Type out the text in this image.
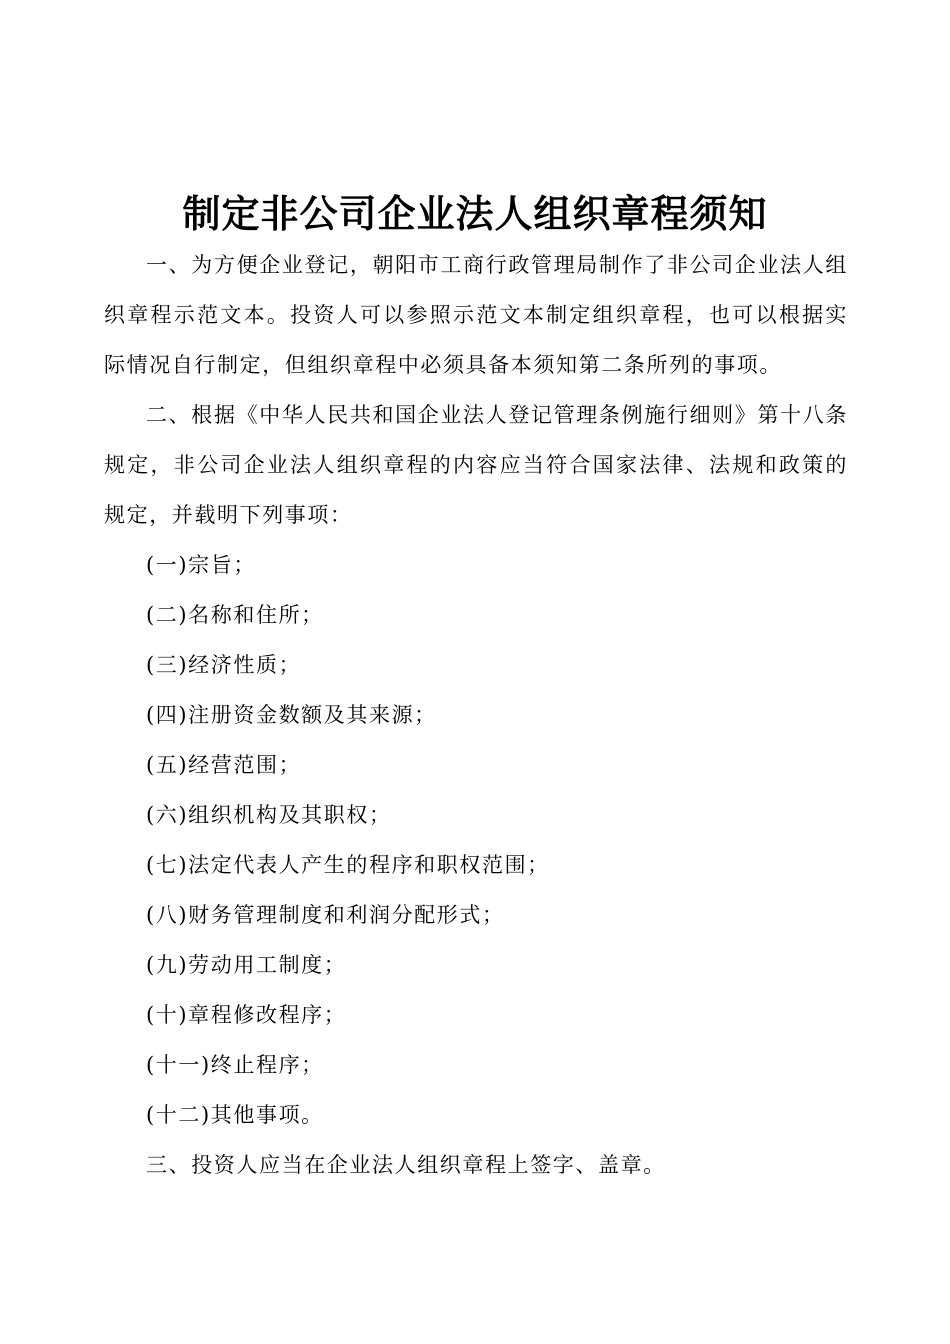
制定非公司企业法人组织章程须知

一、为方便企业登记，朝阳市工商行政管理局制作了非公司企业法人组织章程示范文本。投资人可以参照示范文本制定组织章程，也可以根据实际情况自行制定，但组织章程中必须具备本须知第二条所列的事项。

二、根据《中华人民共和国企业法人登记管理条例施行细则》第十八条规定，非公司企业法人组织章程的内容应当符合国家法律、法规和政策的规定，并载明下列事项：

(一)宗旨；

(二)名称和住所；

(三)经济性质；

(四)注册资金数额及其来源；

(五)经营范围；

(六)组织机构及其职权；

(七)法定代表人产生的程序和职权范围；

(八)财务管理制度和利润分配形式；

(九)劳动用工制度；

(十)章程修改程序；

(十一)终止程序；

(十二)其他事项。

三、投资人应当在企业法人组织章程上签字、盖章。
